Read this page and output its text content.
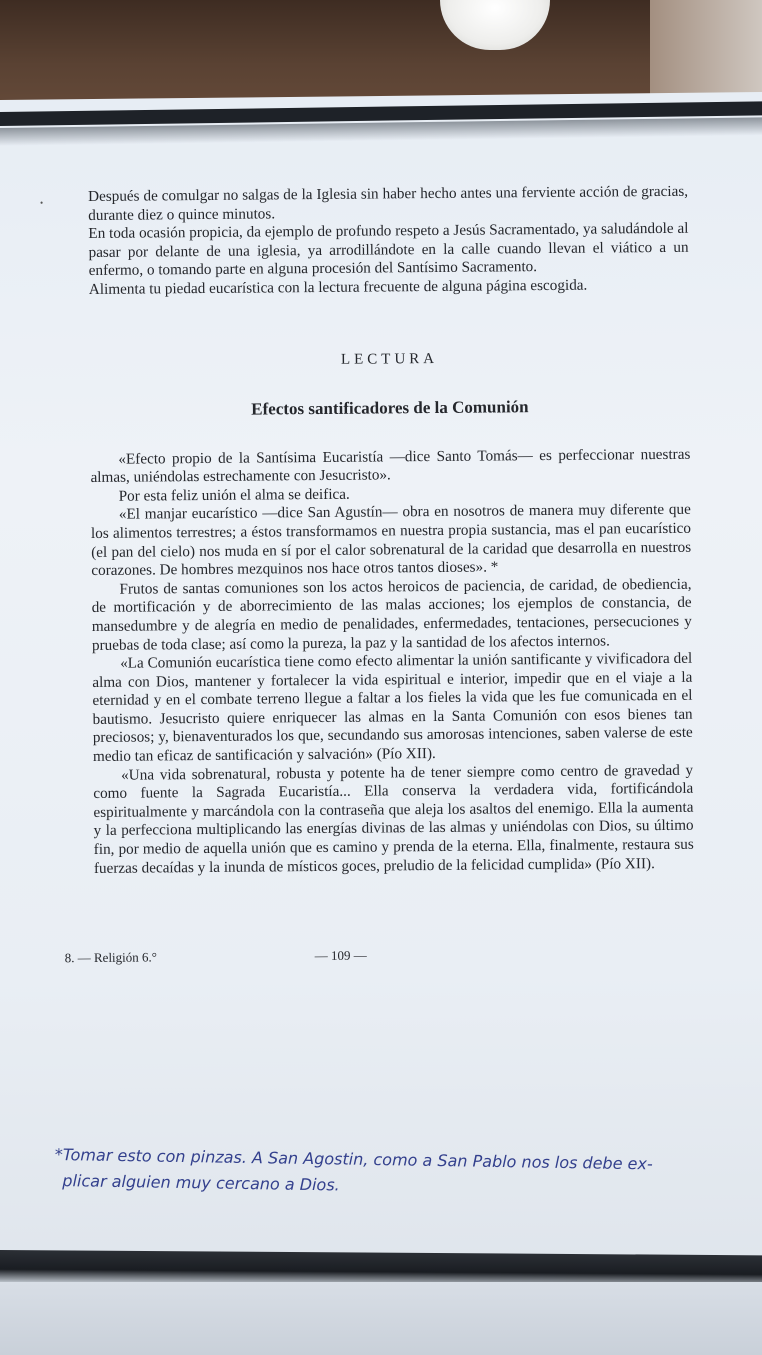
•	Después de comulgar no salgas de la Iglesia sin haber hecho antes una ferviente acción de gracias, durante diez o quince minutos.

En toda ocasión propicia, da ejemplo de profundo respeto a Jesús Sacramentado, ya saludándole al pasar por delante de una iglesia, ya arrodillándote en la calle cuando llevan el viático a un enfermo, o tomando parte en alguna procesión del Santísimo Sacramento.

Alimenta tu piedad eucarística con la lectura frecuente de alguna página escogida.

LECTURA
Efectos santificadores de la Comunión

«Efecto propio de la Santísima Eucaristía —dice Santo Tomás— es perfeccionar nuestras almas, uniéndolas estrechamente con Jesucristo».

Por esta feliz unión el alma se deifica.

«El manjar eucarístico —dice San Agustín— obra en nosotros de manera muy diferente que los alimentos terrestres; a éstos transformamos en nuestra propia sustancia, mas el pan eucarístico (el pan del cielo) nos muda en sí por el calor sobrenatural de la caridad que desarrolla en nuestros corazones. De hombres mezquinos nos hace otros tantos dioses». *

Frutos de santas comuniones son los actos heroicos de paciencia, de caridad, de obediencia, de mortificación y de aborrecimiento de las malas acciones; los ejemplos de constancia, de mansedumbre y de alegría en medio de penalidades, enfermedades, tentaciones, persecuciones y pruebas de toda clase; así como la pureza, la paz y la santidad de los afectos internos.

«La Comunión eucarística tiene como efecto alimentar la unión santificante y vivificadora del alma con Dios, mantener y fortalecer la vida espiritual e interior, impedir que en el viaje a la eternidad y en el combate terreno llegue a faltar a los fieles la vida que les fue comunicada en el bautismo. Jesucristo quiere enriquecer las almas en la Santa Comunión con esos bienes tan preciosos; y, bienaventurados los que, secundando sus amorosas intenciones, saben valerse de este medio tan eficaz de santificación y salvación» (Pío XII).

«Una vida sobrenatural, robusta y potente ha de tener siempre como centro de gravedad y como fuente la Sagrada Eucaristía... Ella conserva la verdadera vida, fortificándola espiritualmente y marcándola con la contraseña que aleja los asaltos del enemigo. Ella la aumenta y la perfecciona multiplicando las energías divinas de las almas y uniéndolas con Dios, su último fin, por medio de aquella unión que es camino y prenda de la eterna. Ella, finalmente, restaura sus fuerzas decaídas y la inunda de místicos goces, preludio de la felicidad cumplida» (Pío XII).

8. — Religión 6.°	— 109 —

*Tomar esto con pinzas. A San Agostin, como a San Pablo nos los debe ex-

plicar alguien muy cercano a Dios.
